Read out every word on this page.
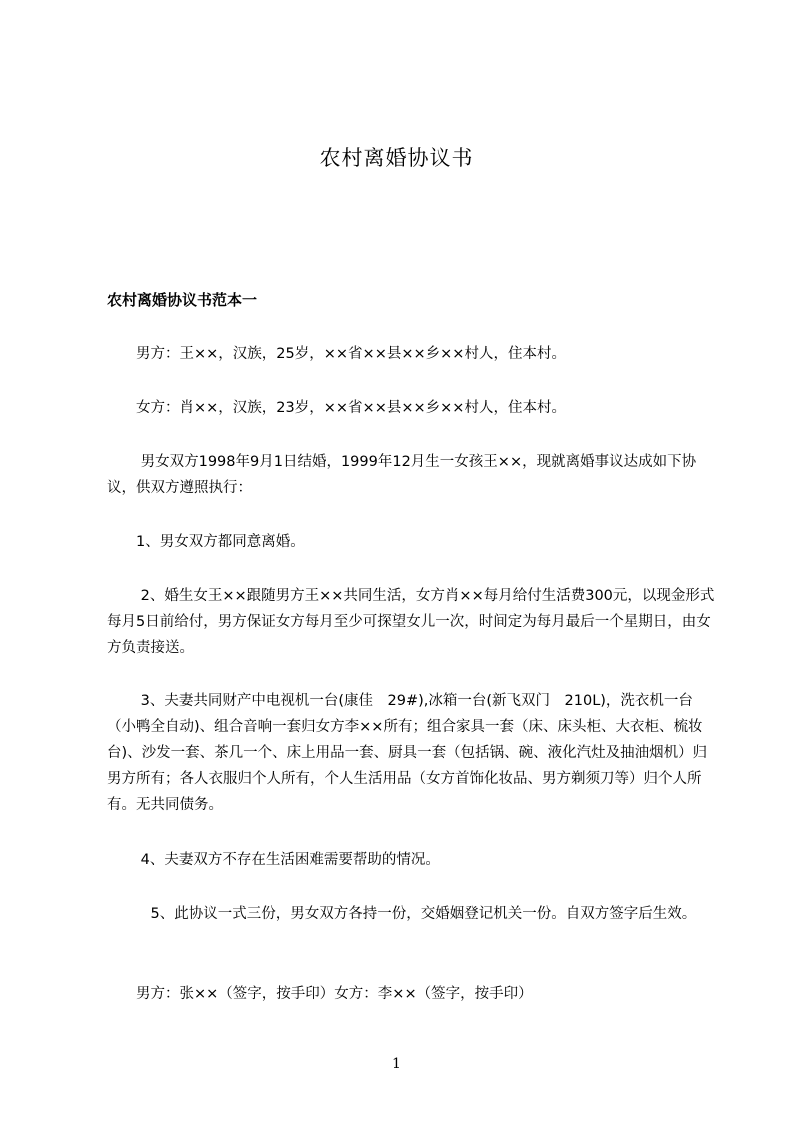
农村离婚协议书
农村离婚协议书范本一
　　男方：王××，汉族，25岁，××省××县××乡××村人，住本村。
　　女方：肖××，汉族，23岁，××省××县××乡××村人，住本村。
　　 男女双方1998年9月1日结婚，1999年12月生一女孩王××，现就离婚事议达成如下协议，供双方遵照执行：
　　1、男女双方都同意离婚。
　　 2、婚生女王××跟随男方王××共同生活，女方肖××每月给付生活费300元，以现金形式每月5日前给付，男方保证女方每月至少可探望女儿一次，时间定为每月最后一个星期日，由女方负责接送。
　　 3、夫妻共同财产中电视机一台(康佳　29#),冰箱一台(新飞双门　210L)，洗衣机一台（小鸭全自动)、组合音响一套归女方李××所有；组合家具一套（床、床头柜、大衣柜、梳妆台)、沙发一套、茶几一个、床上用品一套、厨具一套（包括锅、碗、液化汽灶及抽油烟机）归男方所有；各人衣服归个人所有，个人生活用品（女方首饰化妆品、男方剃须刀等）归个人所有。无共同债务。
　　 4、夫妻双方不存在生活困难需要帮助的情况。
　　　5、此协议一式三份，男女双方各持一份，交婚姻登记机关一份。自双方签字后生效。
　　男方：张××（签字，按手印）女方：李××（签字，按手印）
1
